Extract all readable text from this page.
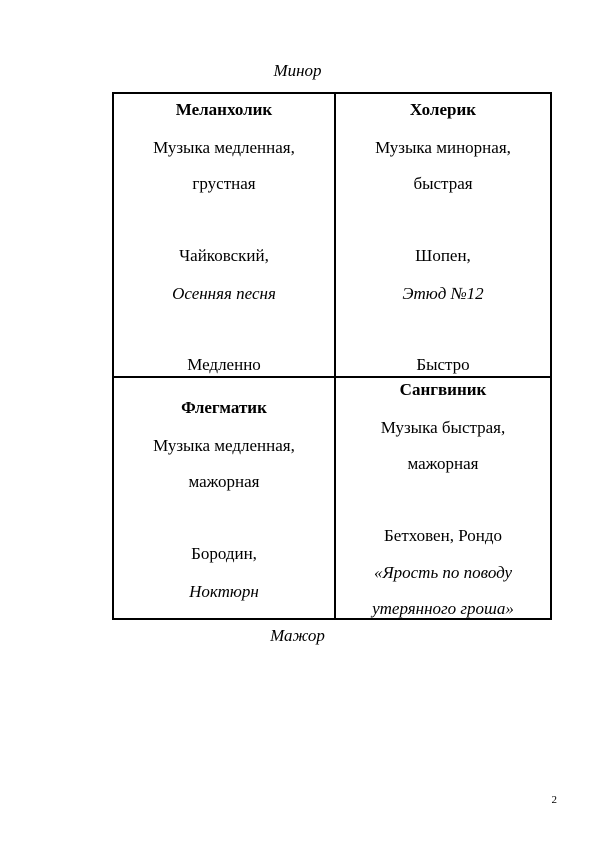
Минор
Меланхолик
Музыка медленная,
грустная
Чайковский,
Осенняя песня
Медленно
Холерик
Музыка минорная,
быстрая
Шопен,
Этюд №12
Быстро
Флегматик
Музыка медленная,
мажорная
Бородин,
Ноктюрн
Сангвиник
Музыка быстрая,
мажорная
Бетховен, Рондо
«Ярость по поводу
утерянного гроша»
Мажор
2
